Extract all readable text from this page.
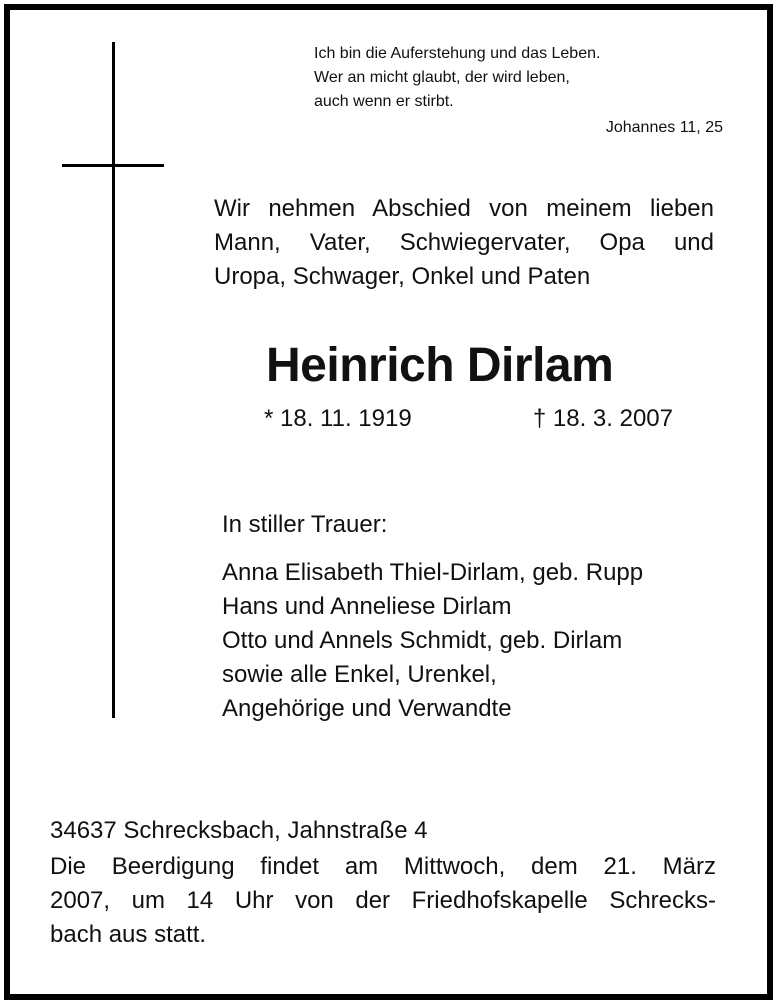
Ich bin die Auferstehung und das Leben.
Wer an micht glaubt, der wird leben,
auch wenn er stirbt.
Johannes 11, 25
Wir nehmen Abschied von meinem lieben
Mann, Vater, Schwiegervater, Opa und
Uropa, Schwager, Onkel und Paten
Heinrich Dirlam
* 18. 11. 1919	† 18. 3. 2007
In stiller Trauer:
Anna Elisabeth Thiel-Dirlam, geb. Rupp
Hans und Anneliese Dirlam
Otto und Annels Schmidt, geb. Dirlam
sowie alle Enkel, Urenkel,
Angehörige und Verwandte
34637 Schrecksbach, Jahnstraße 4
Die Beerdigung findet am Mittwoch, dem 21. März
2007, um 14 Uhr von der Friedhofskapelle Schrecks-
bach aus statt.
